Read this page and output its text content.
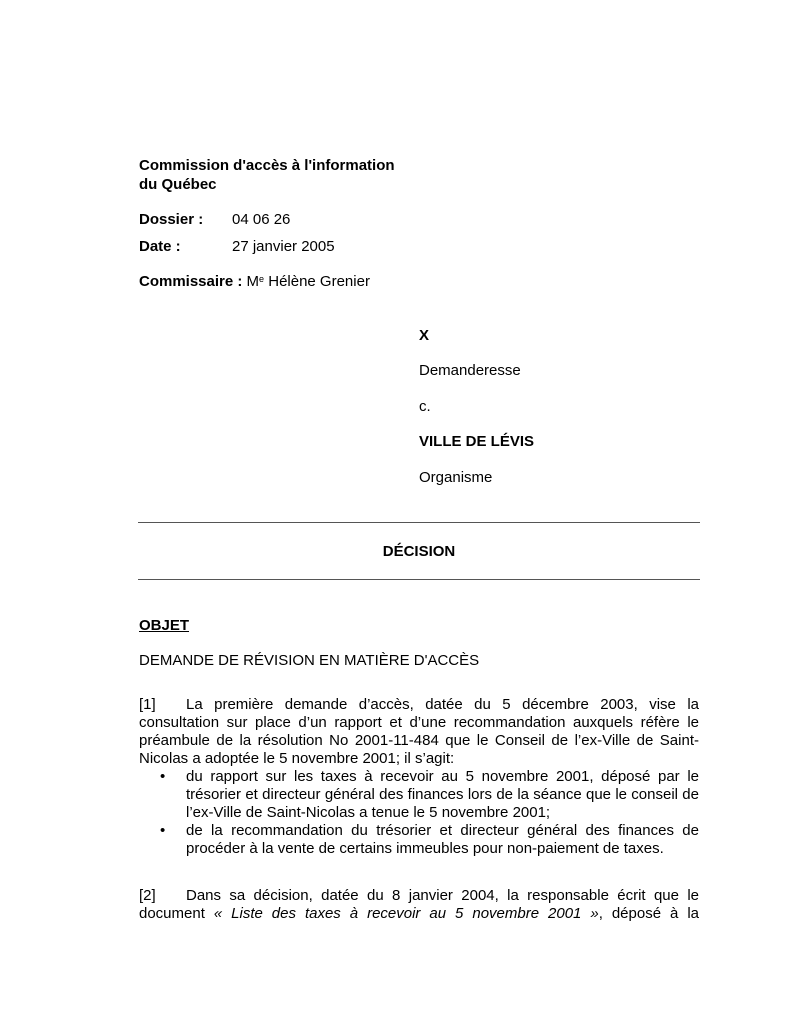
Commission d'accès à l'information
du Québec
Dossier :	04 06 26
Date :	27 janvier 2005
Commissaire : Me Hélène Grenier
X
Demanderesse
c.
VILLE DE LÉVIS
Organisme
DÉCISION
OBJET
DEMANDE DE RÉVISION EN MATIÈRE D'ACCÈS

[1] La première demande d’accès, datée du 5 décembre 2003, vise la consultation sur place d’un rapport et d’une recommandation auxquels réfère le préambule de la résolution No 2001-11-484 que le Conseil de l’ex-Ville de Saint-Nicolas a adoptée le 5 novembre 2001; il s’agit:

• du rapport sur les taxes à recevoir au 5 novembre 2001, déposé par le trésorier et directeur général des finances lors de la séance que le conseil de l’ex-Ville de Saint-Nicolas a tenue le 5 novembre 2001;
• de la recommandation du trésorier et directeur général des finances de procéder à la vente de certains immeubles pour non-paiement de taxes.

[2] Dans sa décision, datée du 8 janvier 2004, la responsable écrit que le document « Liste des taxes à recevoir au 5 novembre 2001 », déposé à la
